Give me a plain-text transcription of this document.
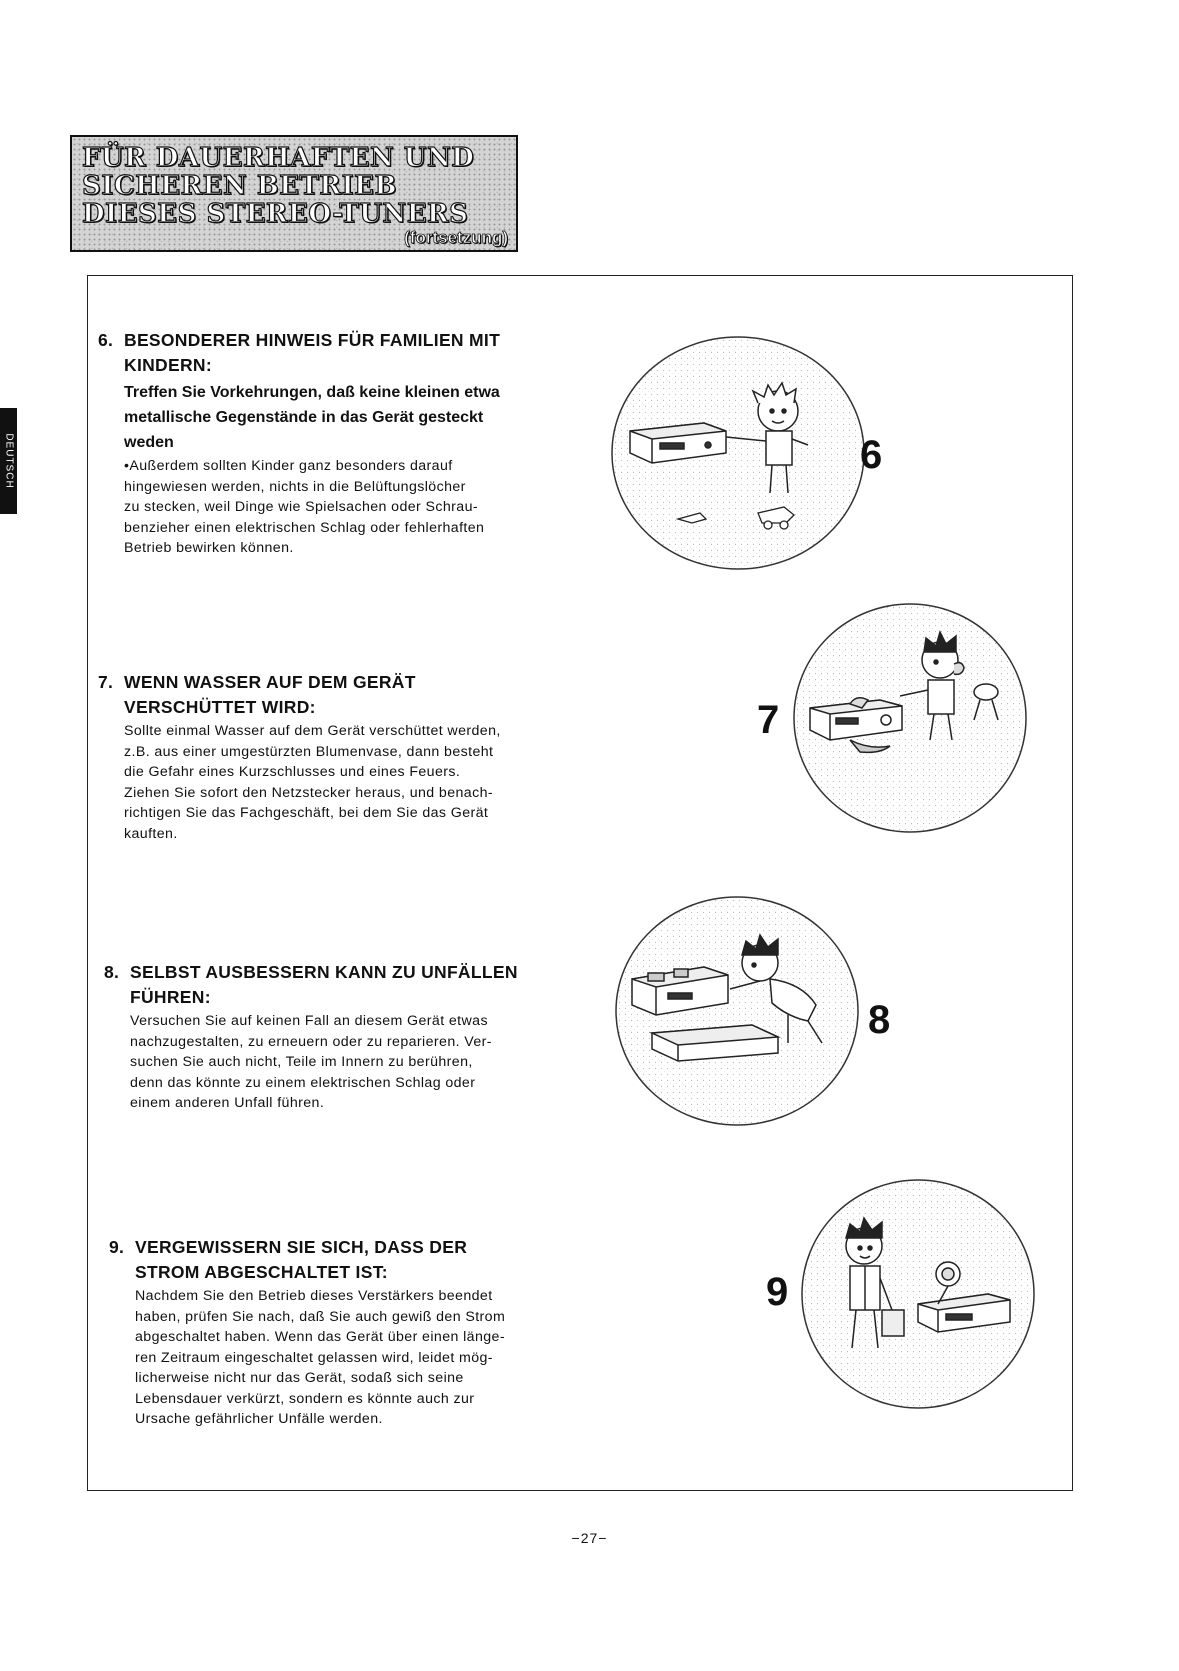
FÜR DAUERHAFTEN UND
SICHEREN BETRIEB
DIESES STEREO-TUNERS
(fortsetzung)
DEUTSCH

6. BESONDERER HINWEIS FÜR FAMILIEN MIT
KINDERN:

Treffen Sie Vorkehrungen, daß keine kleinen etwa
metallische Gegenstände in das Gerät gesteckt
weden
•Außerdem sollten Kinder ganz besonders darauf
hingewiesen werden, nichts in die Belüftungslöcher
zu stecken, weil Dinge wie Spielsachen oder Schrau-
benzieher einen elektrischen Schlag oder fehlerhaften
Betrieb bewirken können.
6

7. WENN WASSER AUF DEM GERÄT
VERSCHÜTTET WIRD:

Sollte einmal Wasser auf dem Gerät verschüttet werden,
z.B. aus einer umgestürzten Blumenvase, dann besteht
die Gefahr eines Kurzschlusses und eines Feuers.
Ziehen Sie sofort den Netzstecker heraus, und benach-
richtigen Sie das Fachgeschäft, bei dem Sie das Gerät
kauften.
7

8. SELBST AUSBESSERN KANN ZU UNFÄLLEN
FÜHREN:

Versuchen Sie auf keinen Fall an diesem Gerät etwas
nachzugestalten, zu erneuern oder zu reparieren. Ver-
suchen Sie auch nicht, Teile im Innern zu berühren,
denn das könnte zu einem elektrischen Schlag oder
einem anderen Unfall führen.
8

9. VERGEWISSERN SIE SICH, DASS DER
STROM ABGESCHALTET IST:

Nachdem Sie den Betrieb dieses Verstärkers beendet
haben, prüfen Sie nach, daß Sie auch gewiß den Strom
abgeschaltet haben. Wenn das Gerät über einen länge-
ren Zeitraum eingeschaltet gelassen wird, leidet mög-
licherweise nicht nur das Gerät, sodaß sich seine
Lebensdauer verkürzt, sondern es könnte auch zur
Ursache gefährlicher Unfälle werden.
9
−27−
